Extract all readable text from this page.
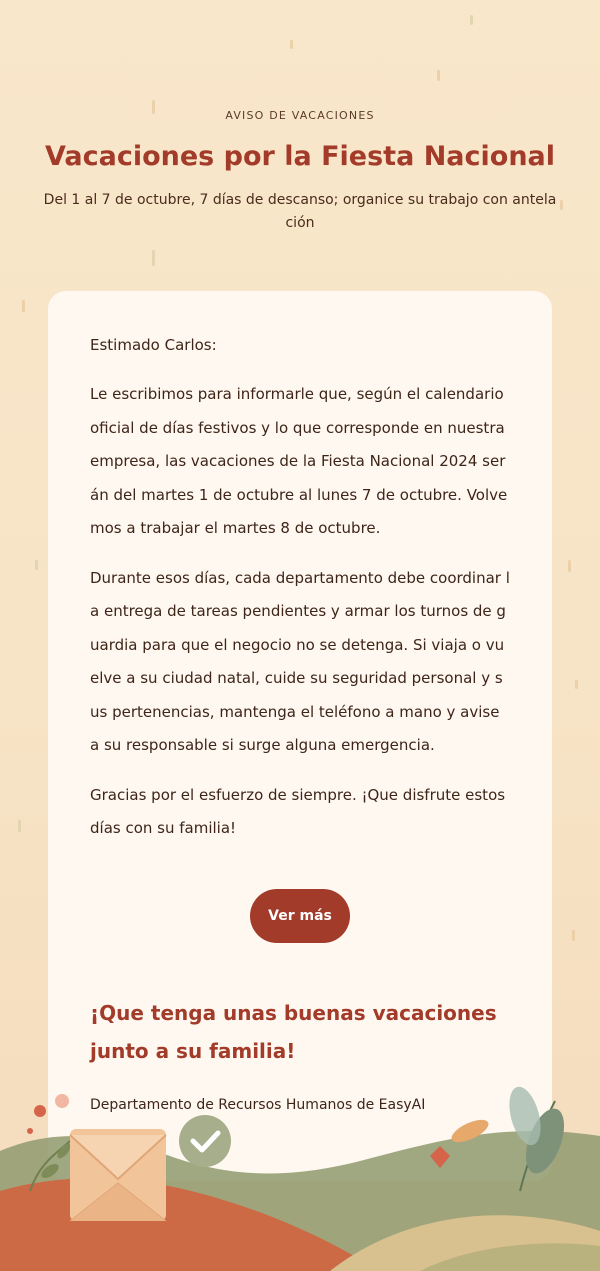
AVISO DE VACACIONES
Vacaciones por la Fiesta Nacional
Del 1 al 7 de octubre, 7 días de descanso; organice su trabajo con antelación

Estimado Carlos:

Le escribimos para informarle que, según el calendario oficial de días festivos y lo que corresponde en nuestra empresa, las vacaciones de la Fiesta Nacional 2024 serán del martes 1 de octubre al lunes 7 de octubre. Volvemos a trabajar el martes 8 de octubre.

Durante esos días, cada departamento debe coordinar la entrega de tareas pendientes y armar los turnos de guardia para que el negocio no se detenga. Si viaja o vuelve a su ciudad natal, cuide su seguridad personal y sus pertenencias, mantenga el teléfono a mano y avise a su responsable si surge alguna emergencia.

Gracias por el esfuerzo de siempre. ¡Que disfrute estos días con su familia!

Ver más
¡Que tenga unas buenas vacaciones junto a su familia!
Departamento de Recursos Humanos de EasyAI
